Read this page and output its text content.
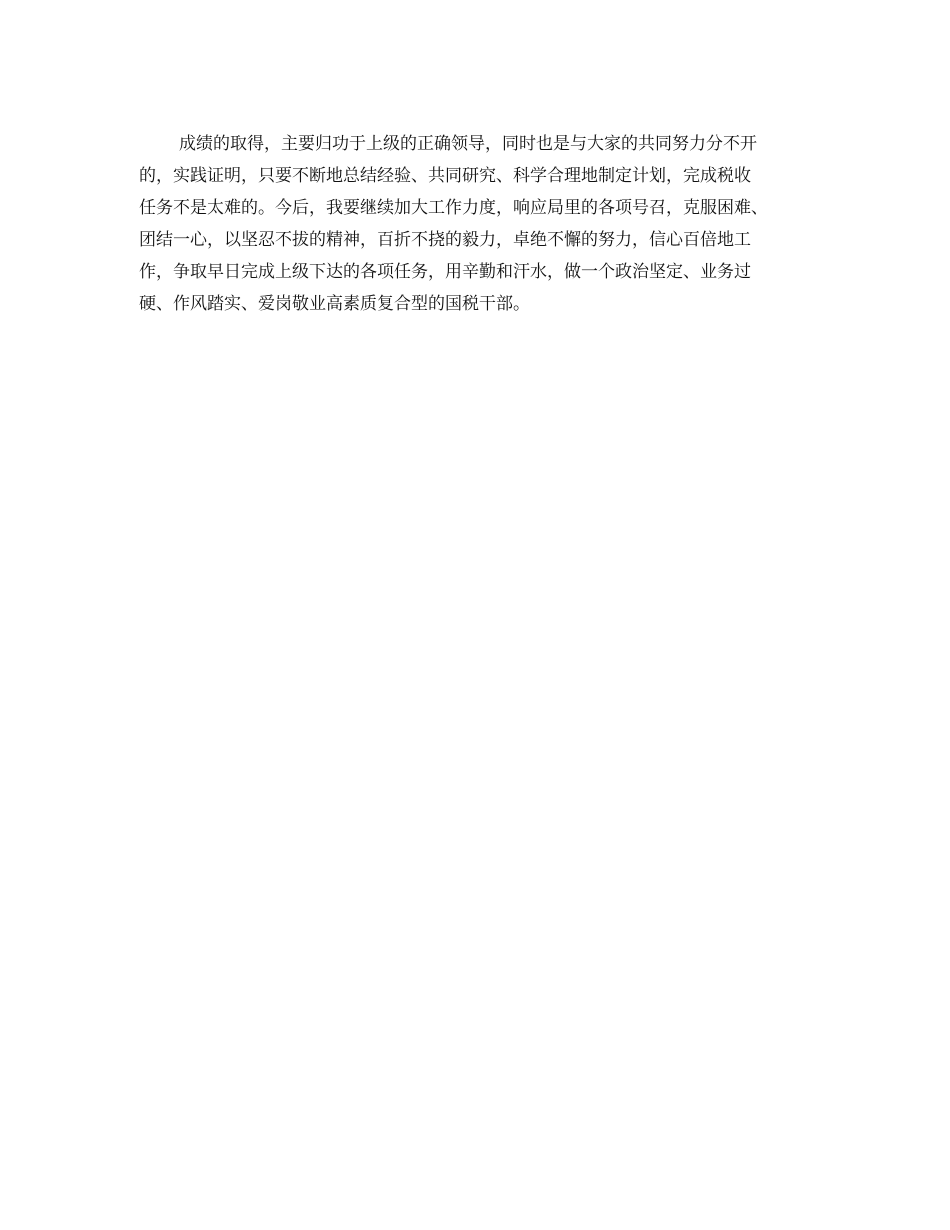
成绩的取得，主要归功于上级的正确领导，同时也是与大家的共同努力分不开
的，实践证明，只要不断地总结经验、共同研究、科学合理地制定计划，完成税收
任务不是太难的。今后，我要继续加大工作力度，响应局里的各项号召，克服困难、
团结一心，以坚忍不拔的精神，百折不挠的毅力，卓绝不懈的努力，信心百倍地工
作，争取早日完成上级下达的各项任务，用辛勤和汗水，做一个政治坚定、业务过
硬、作风踏实、爱岗敬业高素质复合型的国税干部。
